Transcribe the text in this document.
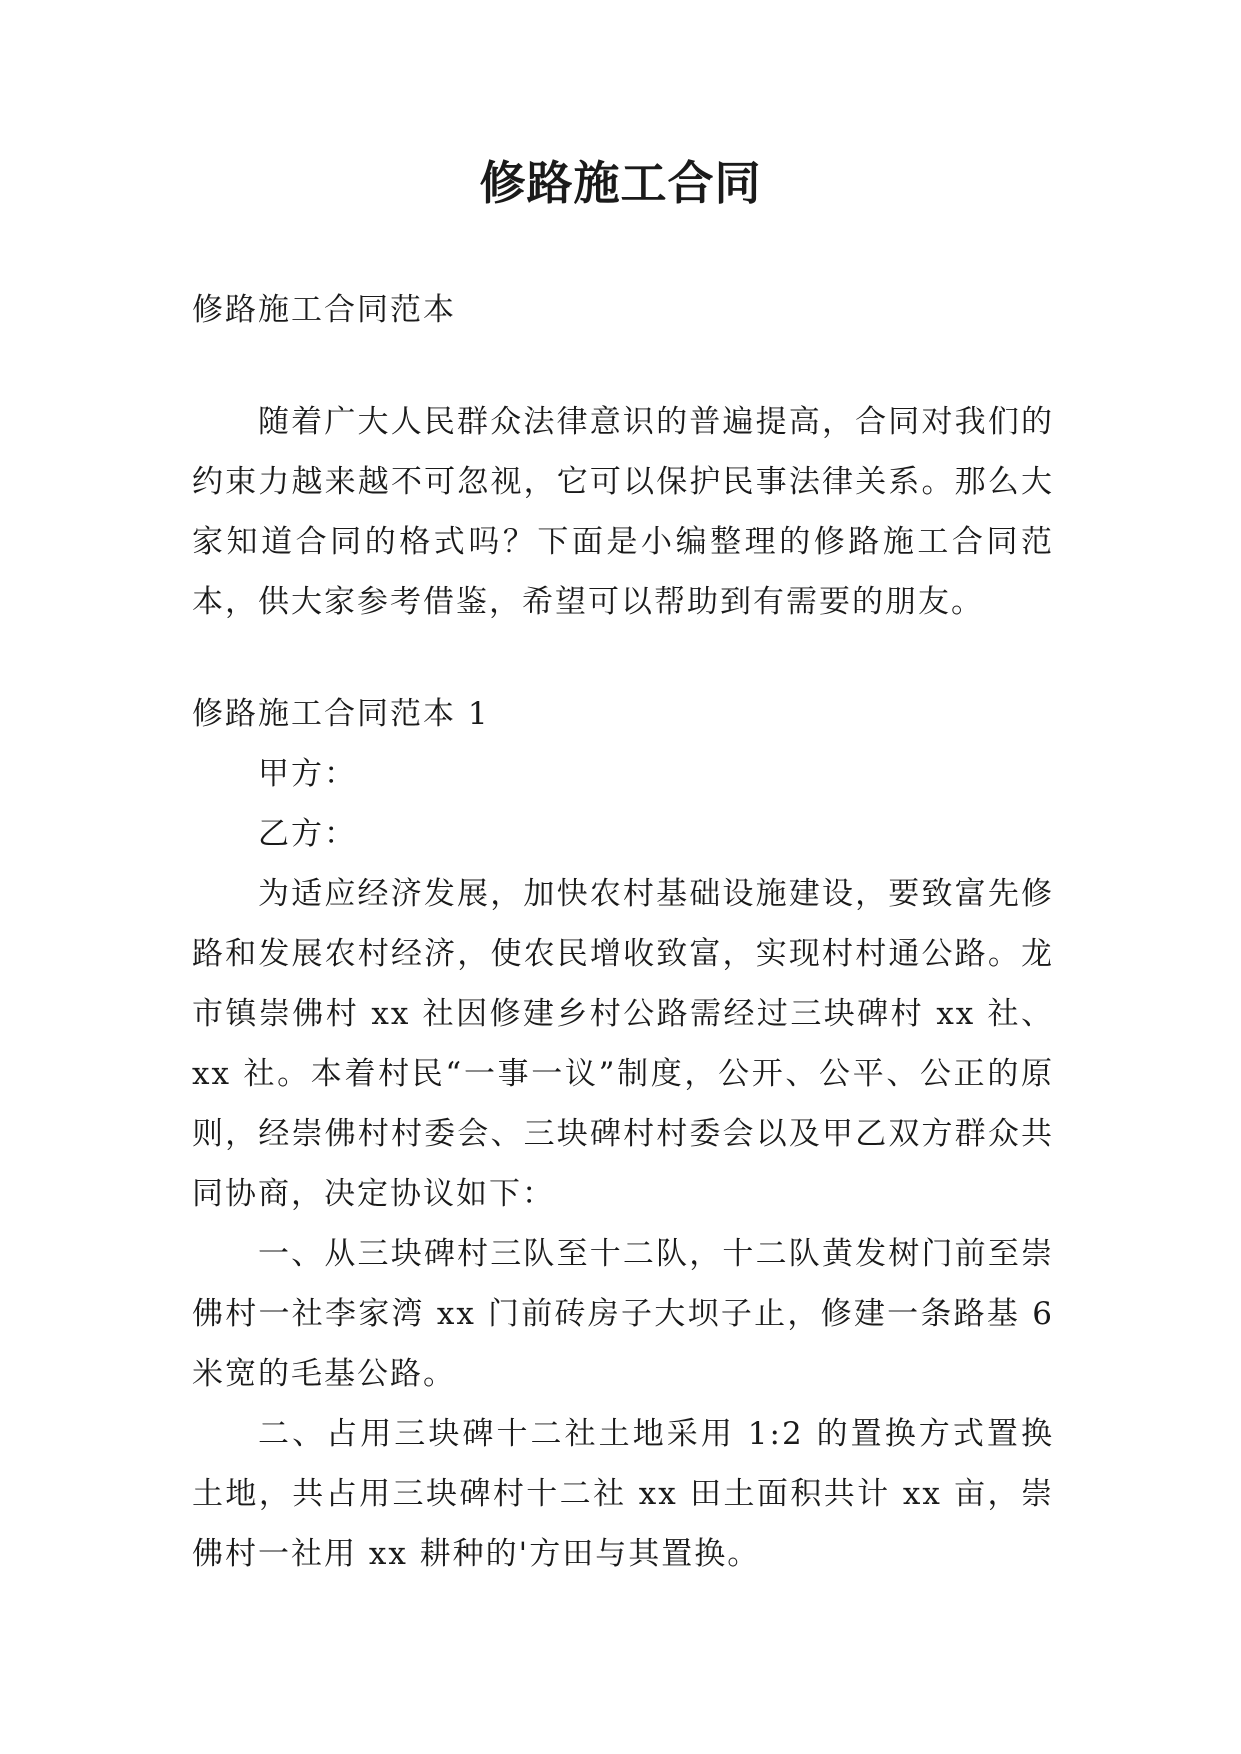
修路施工合同

修路施工合同范本

随着广大人民群众法律意识的普遍提高，合同对我们的约束力越来越不可忽视，它可以保护民事法律关系。那么大家知道合同的格式吗？下面是小编整理的修路施工合同范本，供大家参考借鉴，希望可以帮助到有需要的朋友。

修路施工合同范本 1

甲方：

乙方：

为适应经济发展，加快农村基础设施建设，要致富先修路和发展农村经济，使农民增收致富，实现村村通公路。龙市镇崇佛村 xx 社因修建乡村公路需经过三块碑村 xx 社、xx 社。本着村民“一事一议”制度，公开、公平、公正的原则，经崇佛村村委会、三块碑村村委会以及甲乙双方群众共同协商，决定协议如下：

一、从三块碑村三队至十二队，十二队黄发树门前至崇佛村一社李家湾 xx 门前砖房子大坝子止，修建一条路基 6 米宽的毛基公路。

二、占用三块碑十二社土地采用 1:2 的置换方式置换土地，共占用三块碑村十二社 xx 田土面积共计 xx 亩，崇佛村一社用 xx 耕种的'方田与其置换。
